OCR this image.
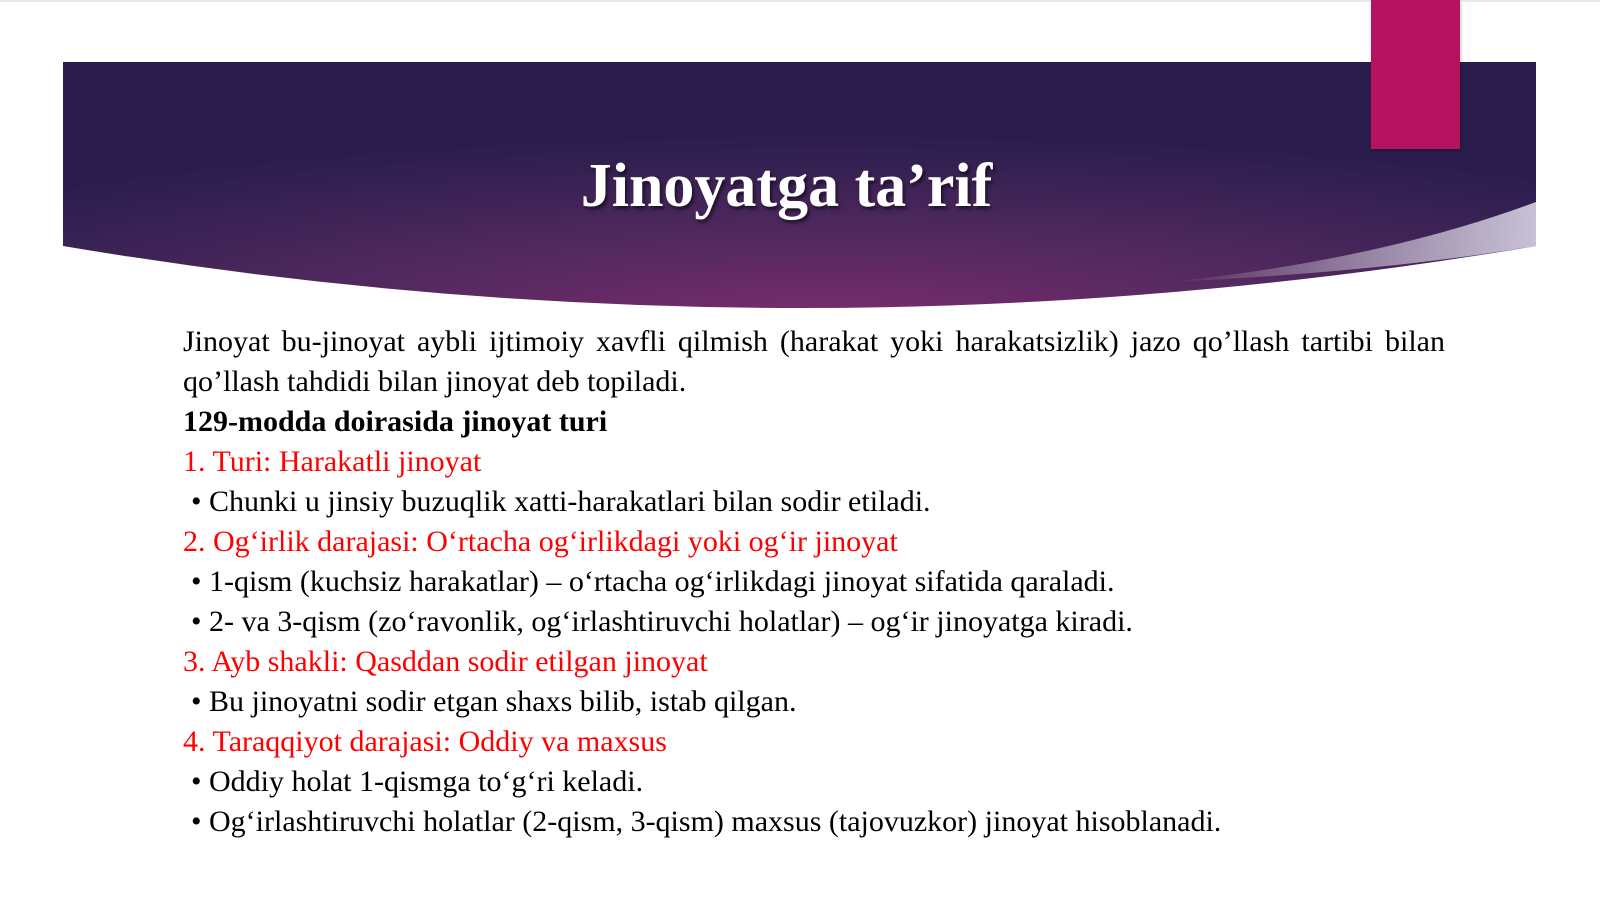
Jinoyatga ta’rif

Jinoyat bu-jinoyat aybli ijtimoiy xavfli qilmish (harakat yoki harakatsizlik) jazo qo’llash tartibi bilan qo’llash tahdidi bilan jinoyat deb topiladi.

129-modda doirasida jinoyat turi

1. Turi: Harakatli jinoyat

• Chunki u jinsiy buzuqlik xatti-harakatlari bilan sodir etiladi.

2. Og‘irlik darajasi: O‘rtacha og‘irlikdagi yoki og‘ir jinoyat

• 1-qism (kuchsiz harakatlar) – o‘rtacha og‘irlikdagi jinoyat sifatida qaraladi.

• 2- va 3-qism (zo‘ravonlik, og‘irlashtiruvchi holatlar) – og‘ir jinoyatga kiradi.

3. Ayb shakli: Qasddan sodir etilgan jinoyat

• Bu jinoyatni sodir etgan shaxs bilib, istab qilgan.

4. Taraqqiyot darajasi: Oddiy va maxsus

• Oddiy holat 1-qismga to‘g‘ri keladi.

• Og‘irlashtiruvchi holatlar (2-qism, 3-qism) maxsus (tajovuzkor) jinoyat hisoblanadi.
